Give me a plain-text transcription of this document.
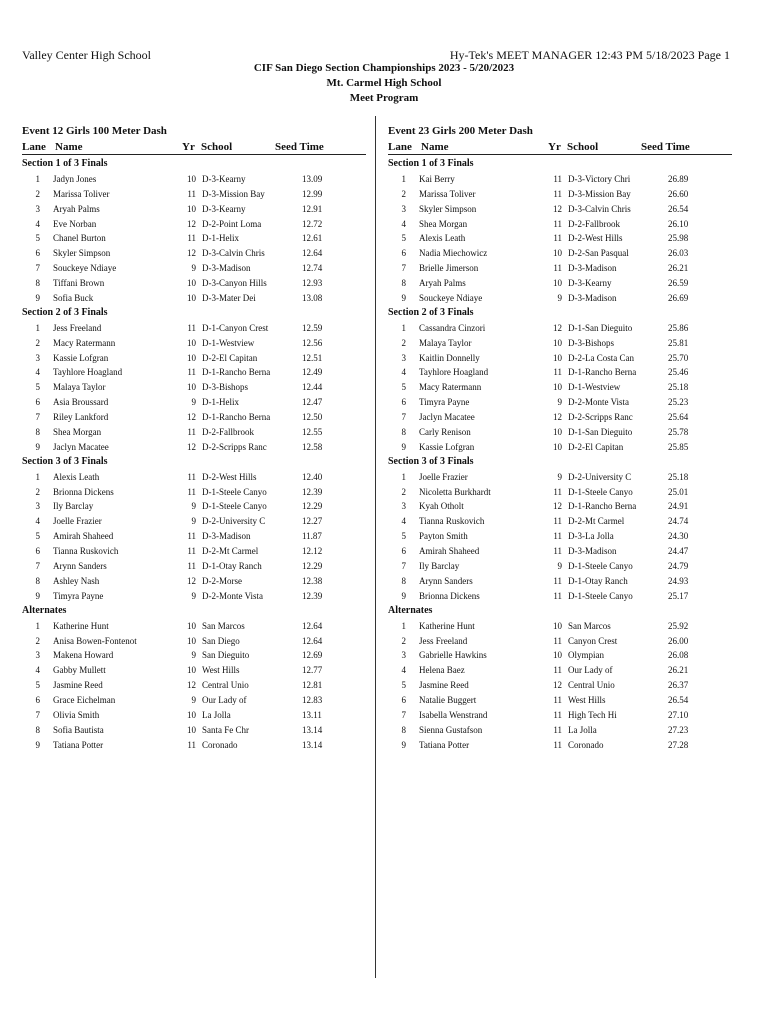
Valley Center High School	Hy-Tek's MEET MANAGER 12:43 PM 5/18/2023 Page 1
CIF San Diego Section Championships 2023 - 5/20/2023
Mt. Carmel High School
Meet Program
Event 12 Girls 100 Meter Dash
Lane Name	Yr School	Seed Time
Section 1 of 3 Finals
1 Jadyn Jones	10 D-3-Kearny	13.09
2 Marissa Toliver	11 D-3-Mission Bay	12.99
3 Aryah Palms	10 D-3-Kearny	12.91
4 Eve Norban	12 D-2-Point Loma	12.72
5 Chanel Burton	11 D-1-Helix	12.61
6 Skyler Simpson	12 D-3-Calvin Chris	12.64
7 Souckeye Ndiaye	9 D-3-Madison	12.74
8 Tiffani Brown	10 D-3-Canyon Hills	12.93
9 Sofia Buck	10 D-3-Mater Dei	13.08
Section 2 of 3 Finals
1 Jess Freeland	11 D-1-Canyon Crest	12.59
2 Macy Ratermann	10 D-1-Westview	12.56
3 Kassie Lofgran	10 D-2-El Capitan	12.51
4 Tayhlore Hoagland	11 D-1-Rancho Berna	12.49
5 Malaya Taylor	10 D-3-Bishops	12.44
6 Asia Broussard	9 D-1-Helix	12.47
7 Riley Lankford	12 D-1-Rancho Berna	12.50
8 Shea Morgan	11 D-2-Fallbrook	12.55
9 Jaclyn Macatee	12 D-2-Scripps Ranc	12.58
Section 3 of 3 Finals
1 Alexis Leath	11 D-2-West Hills	12.40
2 Brionna Dickens	11 D-1-Steele Canyo	12.39
3 Ily Barclay	9 D-1-Steele Canyo	12.29
4 Joelle Frazier	9 D-2-University C	12.27
5 Amirah Shaheed	11 D-3-Madison	11.87
6 Tianna Ruskovich	11 D-2-Mt Carmel	12.12
7 Arynn Sanders	11 D-1-Otay Ranch	12.29
8 Ashley Nash	12 D-2-Morse	12.38
9 Timyra Payne	9 D-2-Monte Vista	12.39
Alternates
1 Katherine Hunt	10 San Marcos	12.64
2 Anisa Bowen-Fontenot	10 San Diego	12.64
3 Makena Howard	9 San Dieguito	12.69
4 Gabby Mullett	10 West Hills	12.77
5 Jasmine Reed	12 Central Unio	12.81
6 Grace Eichelman	9 Our Lady of	12.83
7 Olivia Smith	10 La Jolla	13.11
8 Sofia Bautista	10 Santa Fe Chr	13.14
9 Tatiana Potter	11 Coronado	13.14
Event 23 Girls 200 Meter Dash
Lane Name	Yr School	Seed Time
Section 1 of 3 Finals
1 Kai Berry	11 D-3-Victory Chri	26.89
2 Marissa Toliver	11 D-3-Mission Bay	26.60
3 Skyler Simpson	12 D-3-Calvin Chris	26.54
4 Shea Morgan	11 D-2-Fallbrook	26.10
5 Alexis Leath	11 D-2-West Hills	25.98
6 Nadia Miechowicz	10 D-2-San Pasqual	26.03
7 Brielle Jimerson	11 D-3-Madison	26.21
8 Aryah Palms	10 D-3-Kearny	26.59
9 Souckeye Ndiaye	9 D-3-Madison	26.69
Section 2 of 3 Finals
1 Cassandra Cinzori	12 D-1-San Dieguito	25.86
2 Malaya Taylor	10 D-3-Bishops	25.81
3 Kaitlin Donnelly	10 D-2-La Costa Can	25.70
4 Tayhlore Hoagland	11 D-1-Rancho Berna	25.46
5 Macy Ratermann	10 D-1-Westview	25.18
6 Timyra Payne	9 D-2-Monte Vista	25.23
7 Jaclyn Macatee	12 D-2-Scripps Ranc	25.64
8 Carly Renison	10 D-1-San Dieguito	25.78
9 Kassie Lofgran	10 D-2-El Capitan	25.85
Section 3 of 3 Finals
1 Joelle Frazier	9 D-2-University C	25.18
2 Nicoletta Burkhardt	11 D-1-Steele Canyo	25.01
3 Kyah Otholt	12 D-1-Rancho Berna	24.91
4 Tianna Ruskovich	11 D-2-Mt Carmel	24.74
5 Payton Smith	11 D-3-La Jolla	24.30
6 Amirah Shaheed	11 D-3-Madison	24.47
7 Ily Barclay	9 D-1-Steele Canyo	24.79
8 Arynn Sanders	11 D-1-Otay Ranch	24.93
9 Brionna Dickens	11 D-1-Steele Canyo	25.17
Alternates
1 Katherine Hunt	10 San Marcos	25.92
2 Jess Freeland	11 Canyon Crest	26.00
3 Gabrielle Hawkins	10 Olympian	26.08
4 Helena Baez	11 Our Lady of	26.21
5 Jasmine Reed	12 Central Unio	26.37
6 Natalie Buggert	11 West Hills	26.54
7 Isabella Wenstrand	11 High Tech Hi	27.10
8 Sienna Gustafson	11 La Jolla	27.23
9 Tatiana Potter	11 Coronado	27.28
